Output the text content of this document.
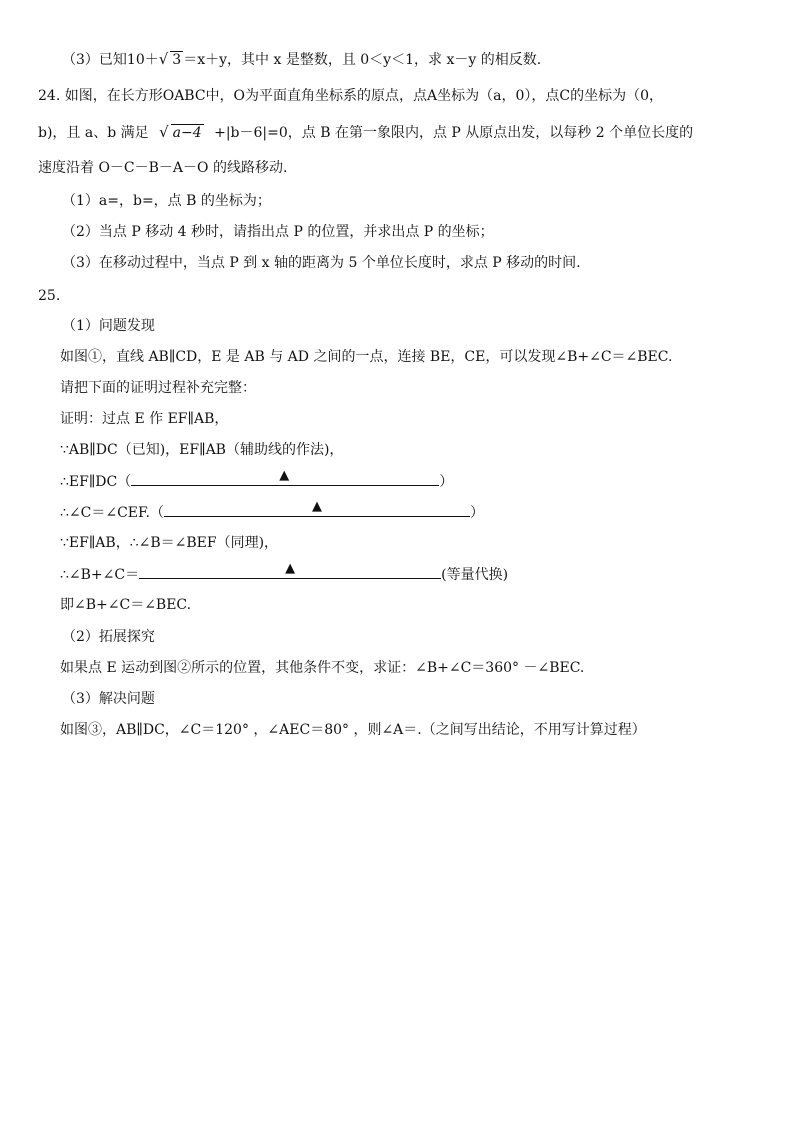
（3）已知10＋√ 3 ＝x＋y，其中 x 是整数，且 0＜y＜1，求 x－y 的相反数.
24. 如图，在长方形OABC中，O为平面直角坐标系的原点，点A坐标为（a，0），点C的坐标为（0，
b)，且 a、b 满足 √ a−4 +|b－6|=0，点 B 在第一象限内，点 P 从原点出发，以每秒 2 个单位长度的
速度沿着 O－C－B－A－O 的线路移动.
（1）a=，b=，点 B 的坐标为；
（2）当点 P 移动 4 秒时，请指出点 P 的位置，并求出点 P 的坐标；
（3）在移动过程中，当点 P 到 x 轴的距离为 5 个单位长度时，求点 P 移动的时间.
25.
（1）问题发现
如图①，直线 AB∥CD，E 是 AB 与 AD 之间的一点，连接 BE，CE，可以发现∠B+∠C＝∠BEC.
请把下面的证明过程补充完整：
证明：过点 E 作 EF∥AB，
∵AB∥DC（已知)，EF∥AB（辅助线的作法)，
∴EF∥DC（	▲	）
∴∠C＝∠CEF.（	▲	）
∵EF∥AB，∴∠B＝∠BEF（同理)，
∴∠B+∠C＝	▲	(等量代换)
即∠B+∠C＝∠BEC.
（2）拓展探究
如果点 E 运动到图②所示的位置，其他条件不变，求证：∠B+∠C＝360° －∠BEC.
（3）解决问题
如图③，AB∥DC，∠C＝120° ，∠AEC＝80° ，则∠A＝.（之间写出结论，不用写计算过程）
